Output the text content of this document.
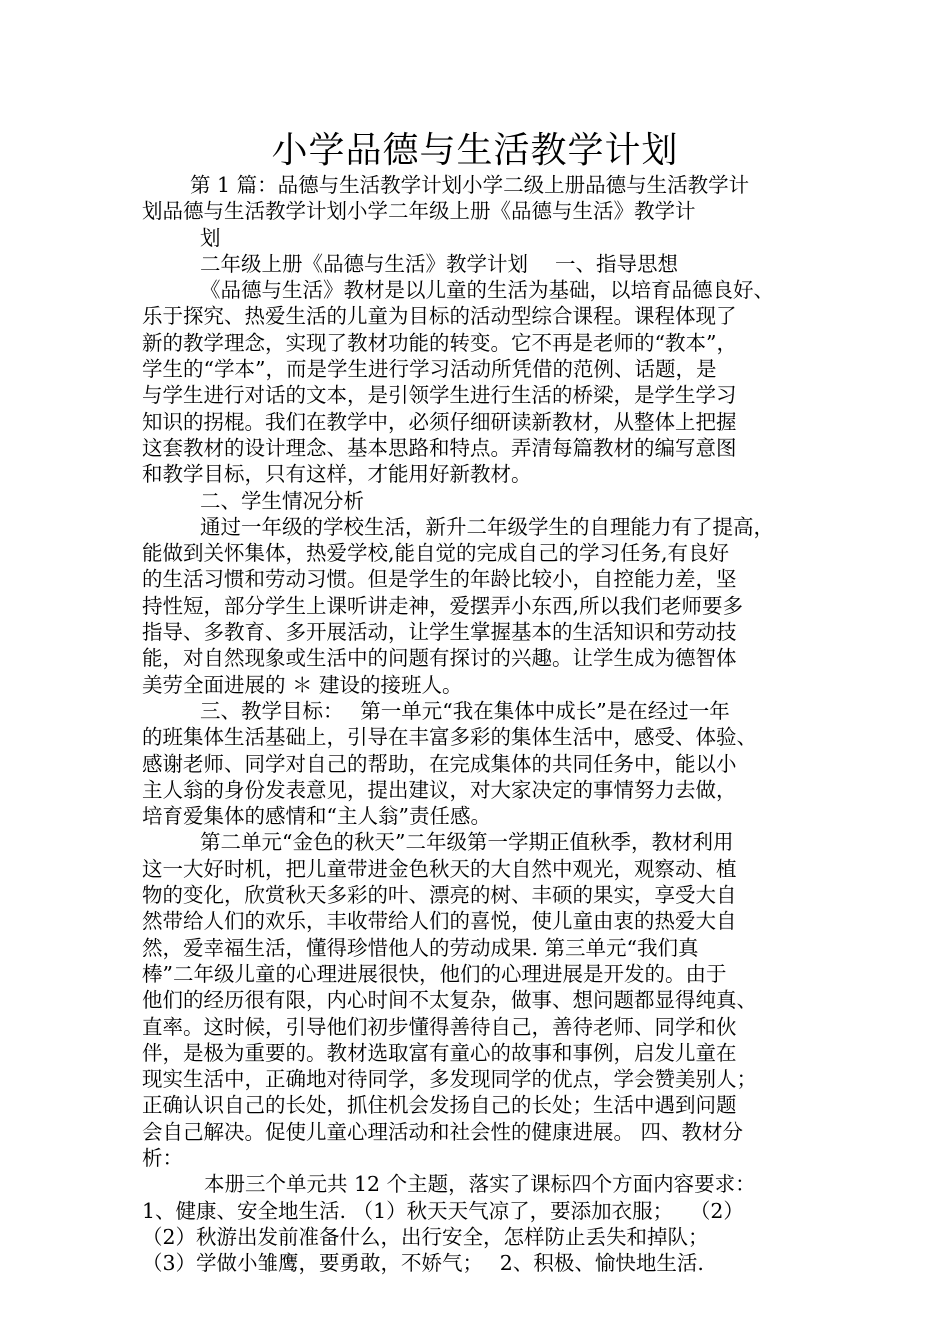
小学品德与生活教学计划
第 1 篇：品德与生活教学计划小学二级上册品德与生活教学计
划品德与生活教学计划小学二年级上册《品德与生活》教学计
划
二年级上册《品德与生活》教学计划　 一、指导思想
《品德与生活》教材是以儿童的生活为基础，以培育品德良好、
乐于探究、热爱生活的儿童为目标的活动型综合课程。课程体现了
新的教学理念，实现了教材功能的转变。它不再是老师的“教本”，
学生的“学本”，而是学生进行学习活动所凭借的范例、话题，是
与学生进行对话的文本，是引领学生进行生活的桥梁，是学生学习
知识的拐棍。我们在教学中，必须仔细研读新教材，从整体上把握
这套教材的设计理念、基本思路和特点。弄清每篇教材的编写意图
和教学目标，只有这样，才能用好新教材。
二、学生情况分析
通过一年级的学校生活，新升二年级学生的自理能力有了提高，
能做到关怀集体，热爱学校,能自觉的完成自己的学习任务,有良好
的生活习惯和劳动习惯。但是学生的年龄比较小，自控能力差，坚
持性短，部分学生上课听讲走神，爱摆弄小东西,所以我们老师要多
指导、多教育、多开展活动，让学生掌握基本的生活知识和劳动技
能，对自然现象或生活中的问题有探讨的兴趣。让学生成为德智体
美劳全面进展的 ＊ 建设的接班人。
三、教学目标：　 第一单元“我在集体中成长”是在经过一年
的班集体生活基础上，引导在丰富多彩的集体生活中，感受、体验、
感谢老师、同学对自己的帮助，在完成集体的共同任务中，能以小
主人翁的身份发表意见，提出建议，对大家决定的事情努力去做，
培育爱集体的感情和“主人翁”责任感。
第二单元“金色的秋天”二年级第一学期正值秋季，教材利用
这一大好时机，把儿童带进金色秋天的大自然中观光，观察动、植
物的变化，欣赏秋天多彩的叶、漂亮的树、丰硕的果实，享受大自
然带给人们的欢乐，丰收带给人们的喜悦，使儿童由衷的热爱大自
然，爱幸福生活，懂得珍惜他人的劳动成果. 第三单元“我们真
棒”二年级儿童的心理进展很快，他们的心理进展是开发的。由于
他们的经历很有限，内心时间不太复杂，做事、想问题都显得纯真、
直率。这时候，引导他们初步懂得善待自己，善待老师、同学和伙
伴，是极为重要的。教材选取富有童心的故事和事例，启发儿童在
现实生活中，正确地对待同学，多发现同学的优点，学会赞美别人；
正确认识自己的长处，抓住机会发扬自己的长处；生活中遇到问题
会自己解决。促使儿童心理活动和社会性的健康进展。 四、教材分
析：
本册三个单元共 12 个主题，落实了课标四个方面内容要求：
1、健康、安全地生活. （1）秋天天气凉了，要添加衣服；　 （2）
（2）秋游出发前准备什么，出行安全，怎样防止丢失和掉队；
（3）学做小雏鹰，要勇敢，不娇气；　 2、积极、愉快地生活.
